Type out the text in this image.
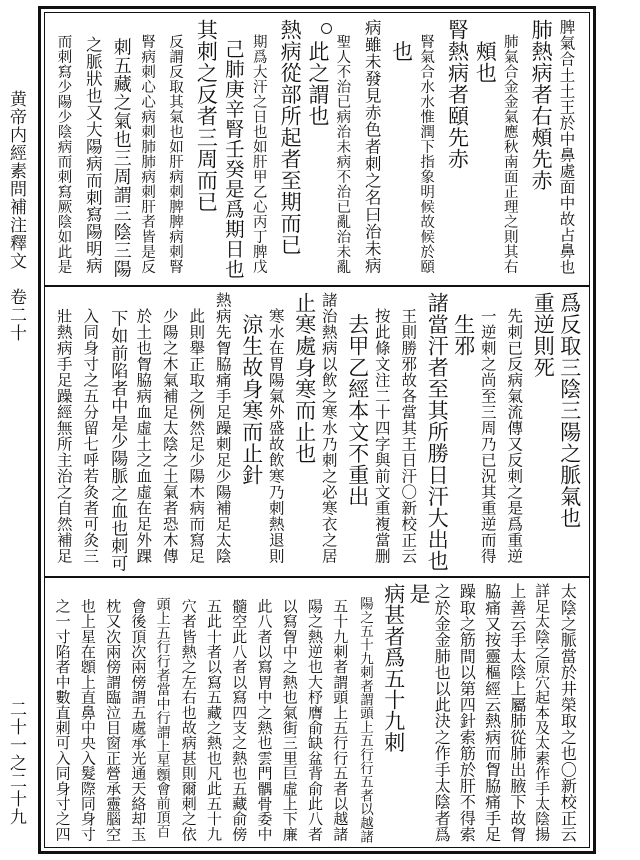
黄帝内經素問補注釋文　卷二十
二十一之二十九
脾氣合土土王於中鼻處面中故占鼻也
肺熱病者右頰先赤
　肺氣合金金氣應秋南面正理之則其右
　頰也
腎熱病者頤先赤
　腎氣合水水惟潤下指象明候故候於頤
　也
病雖未發見赤色者刺之名曰治未病
　聖人不治已病治未病不治已亂治未亂
　此之謂也
熱病從部所起者至期而已
　期爲大汗之日也如肝甲乙心丙丁脾戊
　己肺庚辛腎壬癸是爲期日也
其刺之反者三周而已
　反謂反取其氣也如肝病刺脾脾病刺腎
　腎病刺心心病刺肺肺病刺肝者皆是反
　刺五藏之氣也三周謂三陰三陽
　之脈狀也又大陽病而刺寫陽明病
　而刺寫少陽少陰病而刺寫厥陰如此是
爲反取三陰三陽之脈氣也
重逆則死
　先刺已反病氣流傳又反刺之是爲重逆
　一逆刺之尚至三周乃已況其重逆而得
　生邪
諸當汗者至其所勝日汗大出也
　王則勝邪故各當其王日汗〇新校正云
　按此條文注二十四字與前文重複當删
　去甲乙經本文不重出
諸治熱病以飲之寒水乃刺之必寒衣之居
止寒處身寒而止也
　寒水在胃陽氣外盛故飲寒乃刺熱退則
　涼生故身寒而止針
熱病先胷脇痛手足躁刺足少陽補足太陰
　此則舉正取之例然足少陽木病而寫足
　少陽之木氣補足太陰之土氣者恐木傳
　於土也胷脇病血虛土之血虛在足外踝
　下如前陷者中是少陽脈之血也刺可
　入同身寸之五分留七呼若灸者可灸三
　壯熱病手足躁經無所主治之自然補足
太陰之脈當於井榮取之也〇新校正云
詳足太陰之原穴起本及太素作手太陰揚
上善云手太陰上屬肺從肺出腋下故胷
脇痛又按靈樞經云熱病而胷脇痛手足
躁取之筋間以第四針索筋於肝不得索
之於金金肺也以此決之作手太陰者爲
是
病甚者爲五十九刺
　陽之五十九刺者謂頭上五行行五者以越諸
　五十九刺者謂頭上五行行五者以越諸
　陽之熱逆也大杼膺俞缺盆背俞此八者
　以寫胷中之熱也氣街三里巨虛上下廉
　此八者以寫胃中之熱也雲門髃骨委中
　髓空此八者以寫四支之熱也五藏俞傍
　五此十者以寫五藏之熱也凡此五十九
　穴者皆熱之左右也故病甚則爾刺之依
　頭上五行行者當中行謂上星顖會前頂百
　會後頂次兩傍謂五處承光通天絡却玉
　枕又次兩傍謂臨泣目窗正營承靈腦空
　也上星在顖上直鼻中央入髮際同身寸
　之一寸陷者中數直刺可入同身寸之四
